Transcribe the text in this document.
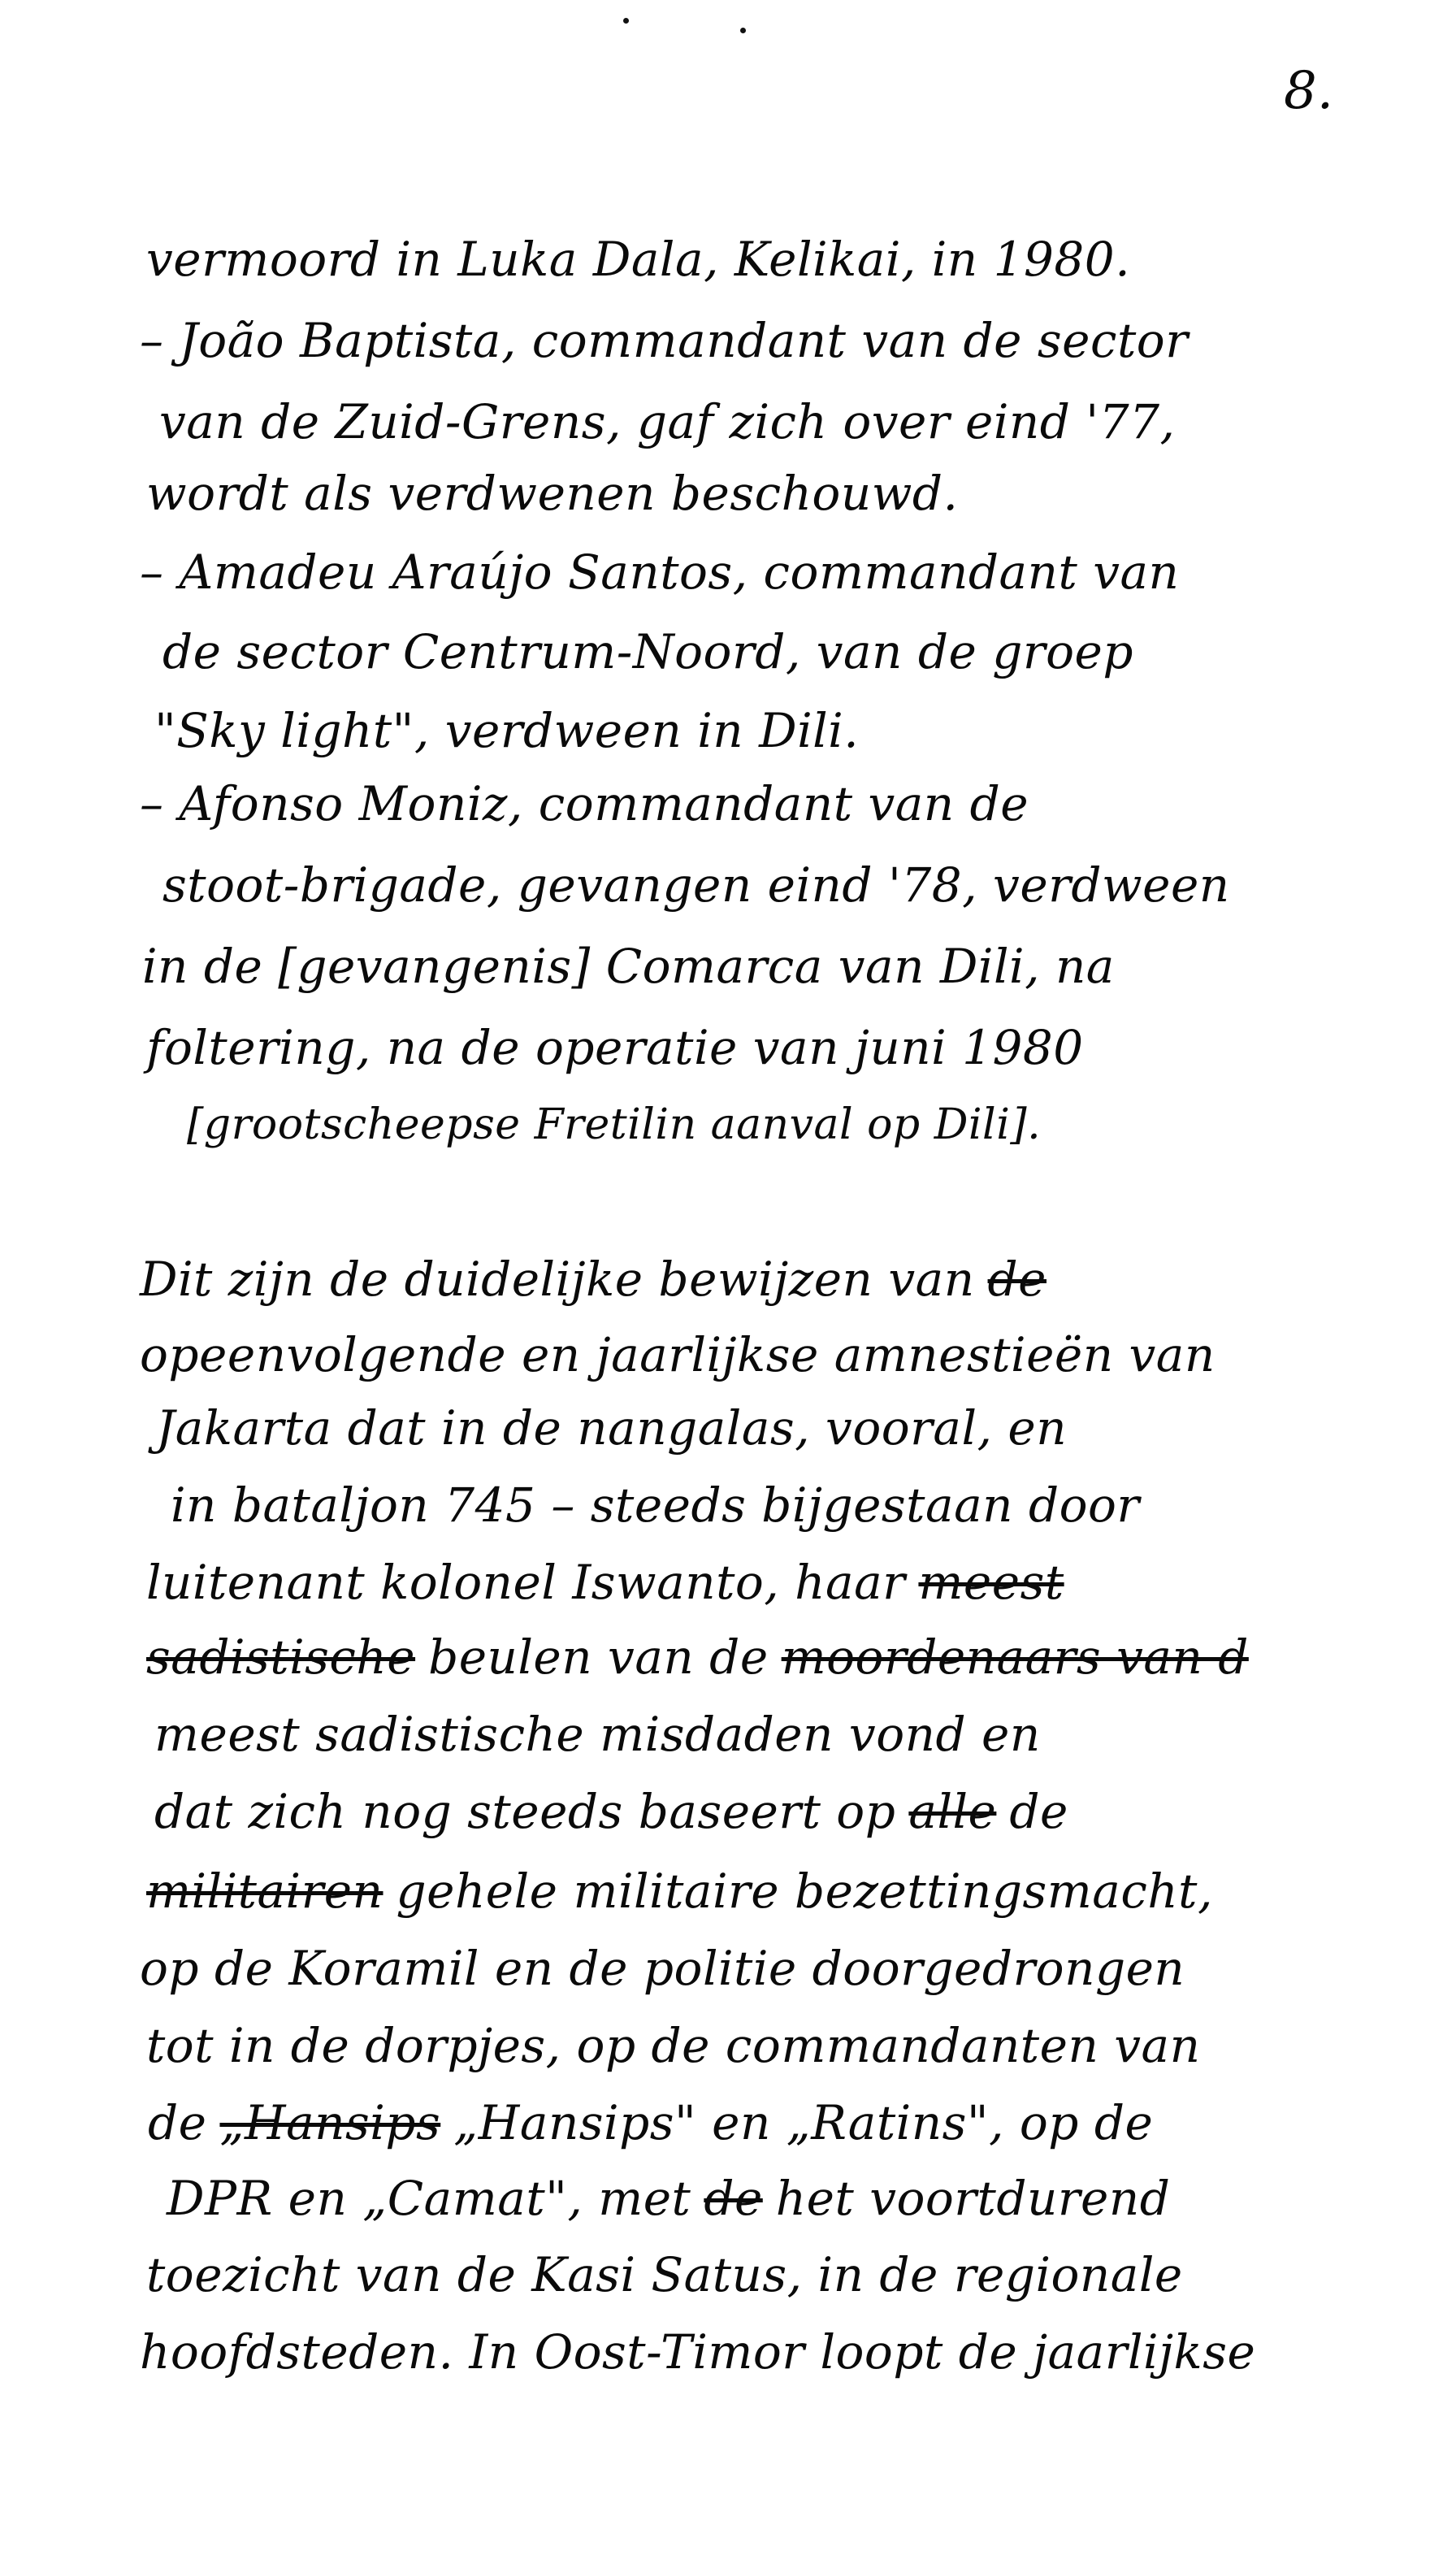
8.
vermoord in Luka Dala, Kelikai, in 1980.
– João Baptista, commandant van de sector
van de Zuid-Grens, gaf zich over eind '77,
wordt als verdwenen beschouwd.
– Amadeu Araújo Santos, commandant van
de sector Centrum-Noord, van de groep
"Sky light", verdween in Dili.
– Afonso Moniz, commandant van de
stoot-brigade, gevangen eind '78, verdween
in de [gevangenis] Comarca van Dili, na
foltering, na de operatie van juni 1980
[grootscheepse Fretilin aanval op Dili].
Dit zijn de duidelijke bewijzen van de
opeenvolgende en jaarlijkse amnestieën van
Jakarta dat in de nangalas, vooral, en
in bataljon 745 – steeds bijgestaan door
luitenant kolonel Iswanto, haar meest
sadistische beulen van de moordenaars van d
meest sadistische misdaden vond en
dat zich nog steeds baseert op alle de
militairen gehele militaire bezettingsmacht,
op de Koramil en de politie doorgedrongen
tot in de dorpjes, op de commandanten van
de „Hansips „Hansips" en „Ratins", op de
DPR en „Camat", met de het voortdurend
toezicht van de Kasi Satus, in de regionale
hoofdsteden. In Oost-Timor loopt de jaarlijkse
